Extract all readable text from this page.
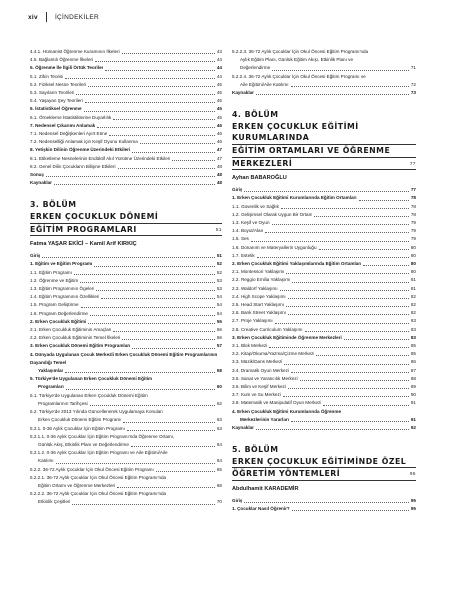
xiv	İÇİNDEKİLER
4.4.1. Hümanist Öğrenme Kuramının İlkeleri	43
4.5. Bağlantılı Öğrenme İlkeleri	44
5. Öğrenme İle İlgili Örtük Teoriler	44
5.1. Zihin Teorisi	44
5.2. Fiziksel Nesne Teorileri	45
5.3. Sayıların Teorileri	45
5.4. Yaşayan Şey Teorileri	45
6. İstatistiksel Öğrenme	45
6.1. Örneklerne İstatistiklerine Duyarlılık	45
7. Nedensel Çıkarımı Anlamak	46
7.1. Nedensel Değişkenleri Ayırt Etme	46
7.2. Nedenselliği Anlamak için Keşif Oyunu Kullanma	46
8. Yetişkin Dilinin Öğrenme Üzerindeki Etkileri	47
8.1. Etiketleme Nesnelerinin Endüktif Akıl Yürütme Üzerindeki Etkileri	47
8.2. Genel Dilin Çocukların Bilişine Etkileri	48
Sonuç	48
Kaynaklar	48
3. BÖLÜM
ERKEN ÇOCUKLUK DÖNEMİ
EĞİTİM PROGRAMLARI	51
Fatma YAŞAR EKİCİ – Kamil Arif KIRKIÇ
Giriş	51
1. Eğitim ve Eğitim Programı	52
1.1. Eğitim Programı	52
1.2. Öğrenme ve Eğitim	53
1.3. Eğitim Programının Ögeleri	53
1.4. Eğitim Programının Özellikleri	54
1.5. Program Geliştirme	54
1.6. Program Değerlendirme	54
2. Erken Çocukluk Eğitimi	55
2.1. Erken Çocukluk Eğitiminin Amaçları	56
2.2. Erken Çocukluk Eğitiminin Temel İlkeleri	56
3. Erken Çocukluk Dönemi Eğitim Programları	57
4. Dünyada Uygulanan Çocuk Merkezli Erken Çocukluk Dönemi Eğitim Programlarının Dayandığı Temel
Yaklaşımlar	58
5. Türkiye'de Uygulanan Erken Çocukluk Dönemi Eğitim
Programları	60
5.1. Türkiye'de Uygulanan Erken Çocukluk Dönemi Eğitim
Programlarının Tarihçesi	62
5.2. Türkiye'de 2013 Yılında Güncellenerek Uygulamaya Konulan
Erken Çocukluk Dönemi Eğitim Programı	63
5.2.1. 0-36 Aylık Çocuklar İçin Eğitim Programı	63
5.2.1.1. 0-36 Aylık Çocuklar İçin Eğitim Programı'nda Öğrenme Ortamı,
Günlük Akış, Etkinlik Planı ve Değerlendirme	64
5.2.1.2. 0-36 Aylık Çocuklar İçin Eğitim Programı ve Aile Eğitimi/Aile
Katılımı	64
5.2.2. 36-72 Aylık Çocuklar İçin Okul Öncesi Eğitim Programı	65
5.2.2.1. 36-72 Aylık Çocuklar İçin Okul Öncesi Eğitim Programı'nda
Eğitim Ortamı ve Öğrenme Merkezleri	68
5.2.2.2. 36-72 Aylık Çocuklar İçin Okul Öncesi Eğitim Programı'nda
Etkinlik Çeşitleri	70
5.2.2.3. 36-72 Aylık Çocuklar İçin Okul Öncesi Eğitim Programı'nda
Aylık Eğitim Planı, Günlük Eğitim Akışı, Etkinlik Planı ve
Değerlendirme	71
5.2.2.4. 36-72 Aylık Çocuklar İçin Okul Öncesi Eğitim Programı ve
Aile Eğitimi/Aile Katılımı	72
Kaynaklar	73
4. BÖLÜM
ERKEN ÇOCUKLUK EĞİTİMİ KURUMLARINDA
EĞİTİM ORTAMLARI VE ÖĞRENME
MERKEZLERİ	77
Ayhan BABAROĞLU
Giriş	77
1. Erken Çocukluk Eğitimi Kurumlarında Eğitim Ortamları	78
1.1. Güvenlik ve Sağlık	78
1.2. Gelişimsel Olarak Uygun Bir Ortam	78
1.3. Keşif ve Oyun	79
1.4. Boyut/Alan	79
1.5. Ses	79
1.6. Donanım ve Materyallerin Uygunluğu	80
1.7. Estetik	80
2. Erken Çocukluk Eğitimi Yaklaşımlarında Eğitim Ortamları	80
2.1. Montessori Yaklaşımı	80
2.2. Reggio Emilia Yaklaşımı	81
2.3. Waldorf Yaklaşımı	81
2.4. High Scope Yaklaşımı	82
2.5. Head Start Yaklaşımı	82
2.6. Bank Street Yaklaşımı	82
2.7. Proje Yaklaşımı	83
2.8. Creative Curriculum Yaklaşımı	83
3. Erken Çocukluk Eğitiminde Öğrenme Merkezleri	83
3.1. Blok Merkezi	85
3.2. Kitap/Okuma/Yazma/Çizme Merkezi	85
3.3. Müzik/Dans Merkezi	86
3.4. Dramatik Oyun Merkezi	87
3.5. Sanat ve Yaratıcılık Merkezi	88
3.6. Bilim ve Keşif Merkezi	89
3.7. Kum ve Su Merkezi	90
3.8. Matematik ve Manipulatif Oyun Merkezi	91
4. Erken Çocukluk Eğitimi Kurumlarında Öğrenme
Merkezlerinin Yararları	91
Kaynaklar	92
5. BÖLÜM
ERKEN ÇOCUKLUK EĞİTİMİNDE ÖZEL
ÖĞRETİM YÖNTEMLERİ	95
Abdulhamit KARADEMİR
Giriş	95
1. Çocuklar Nasıl Öğrenir?	95
